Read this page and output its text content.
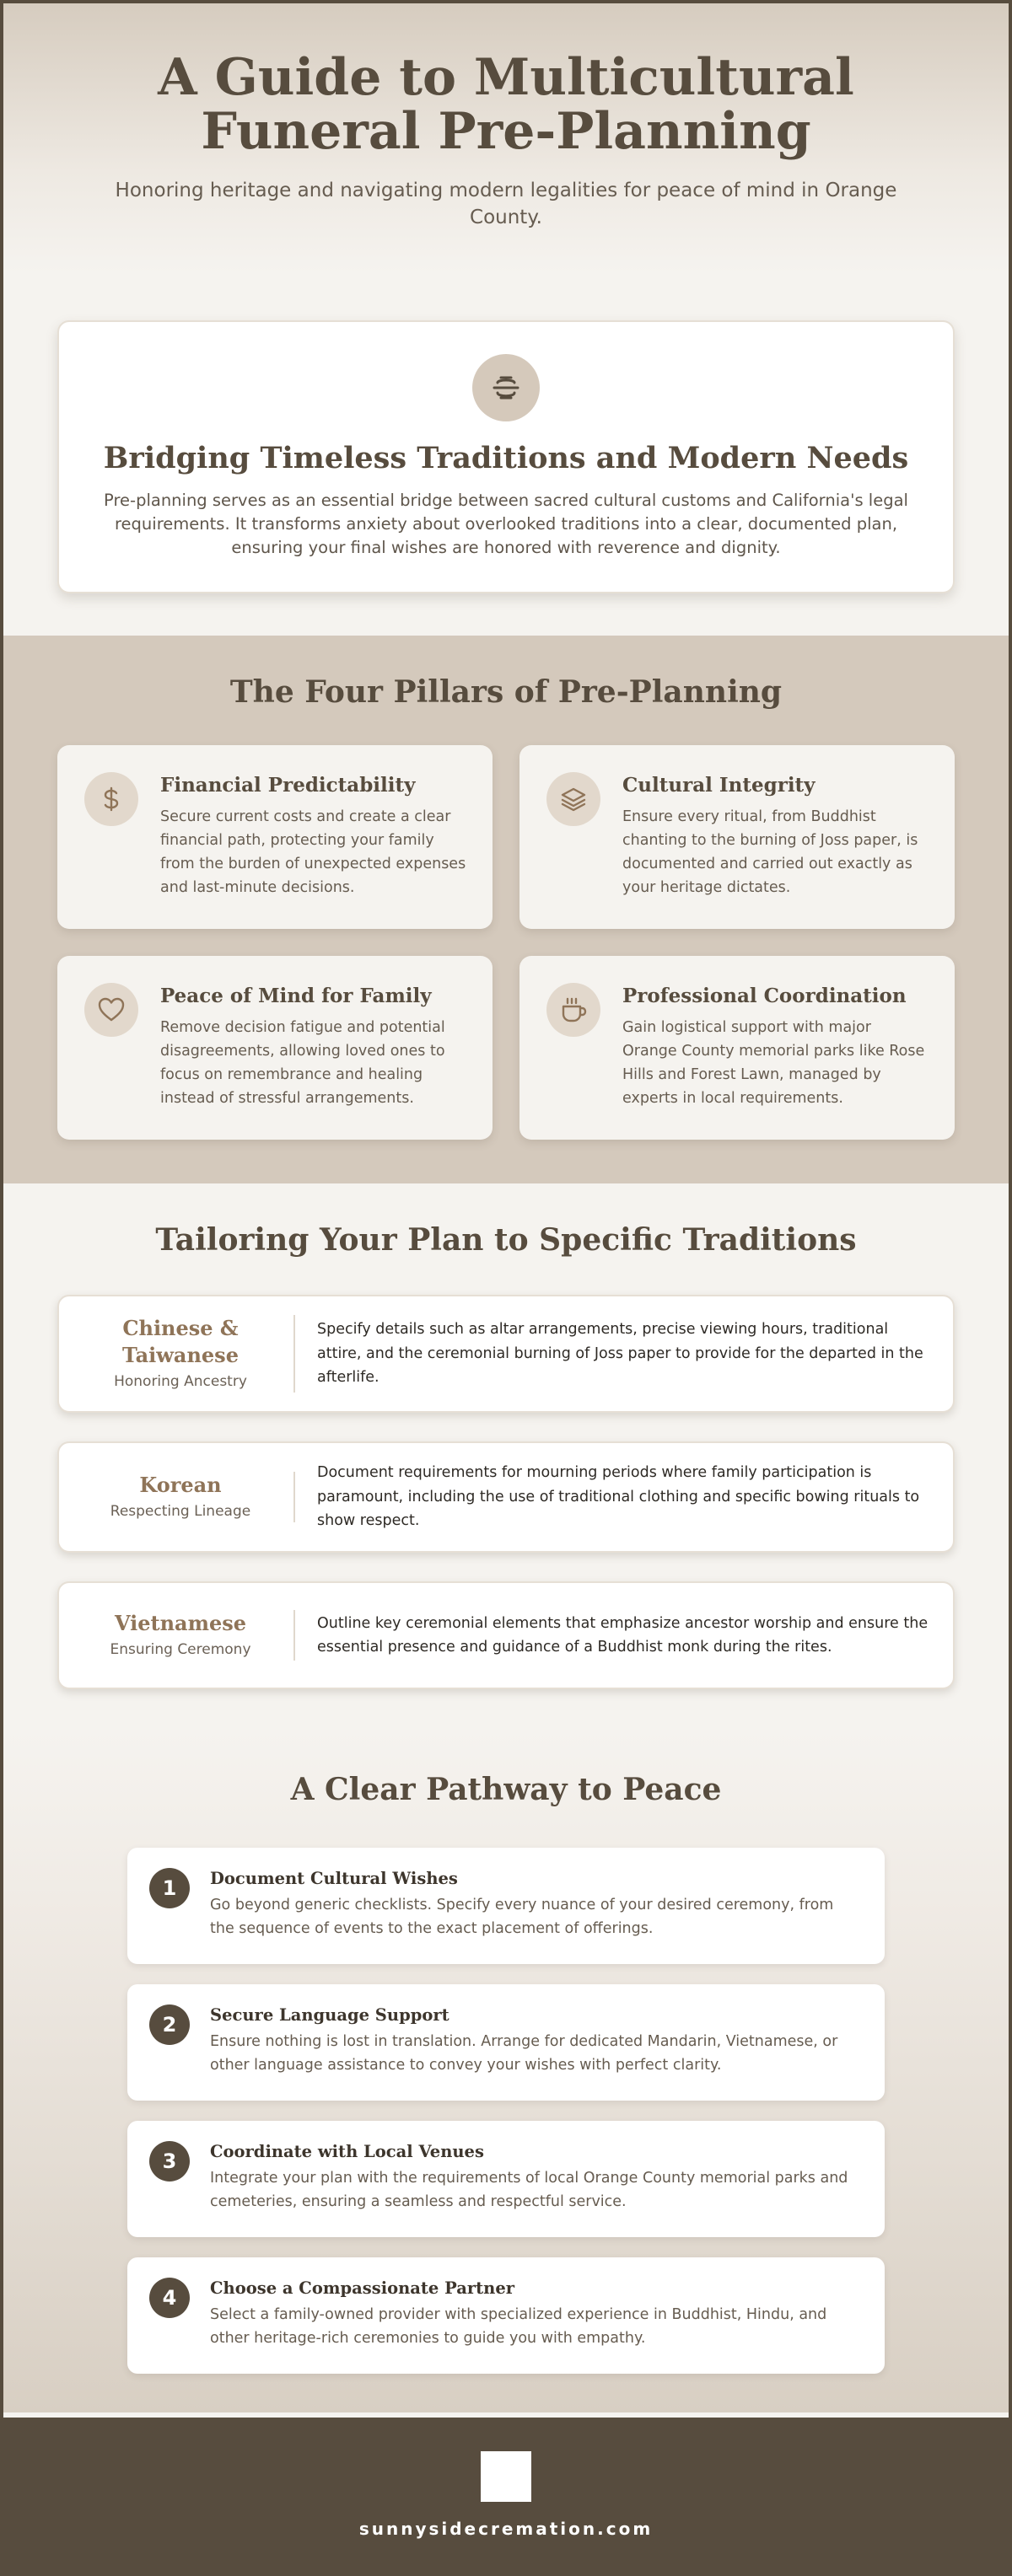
A Guide to Multicultural Funeral Pre-Planning

Honoring heritage and navigating modern legalities for peace of mind in Orange County.

Bridging Timeless Traditions and Modern Needs

Pre-planning serves as an essential bridge between sacred cultural customs and California's legal requirements. It transforms anxiety about overlooked traditions into a clear, documented plan, ensuring your final wishes are honored with reverence and dignity.

The Four Pillars of Pre-Planning
Financial Predictability

Secure current costs and create a clear financial path, protecting your family from the burden of unexpected expenses and last-minute decisions.

Cultural Integrity

Ensure every ritual, from Buddhist chanting to the burning of Joss paper, is documented and carried out exactly as your heritage dictates.

Peace of Mind for Family

Remove decision fatigue and potential disagreements, allowing loved ones to focus on remembrance and healing instead of stressful arrangements.

Professional Coordination

Gain logistical support with major Orange County memorial parks like Rose Hills and Forest Lawn, managed by experts in local requirements.

Tailoring Your Plan to Specific Traditions
Chinese & Taiwanese
Honoring Ancestry
Specify details such as altar arrangements, precise viewing hours, traditional attire, and the ceremonial burning of Joss paper to provide for the departed in the afterlife.
Korean
Respecting Lineage
Document requirements for mourning periods where family participation is paramount, including the use of traditional clothing and specific bowing rituals to show respect.
Vietnamese
Ensuring Ceremony
Outline key ceremonial elements that emphasize ancestor worship and ensure the essential presence and guidance of a Buddhist monk during the rites.
A Clear Pathway to Peace
1	Document Cultural Wishes

Go beyond generic checklists. Specify every nuance of your desired ceremony, from the sequence of events to the exact placement of offerings.

2	Secure Language Support

Ensure nothing is lost in translation. Arrange for dedicated Mandarin, Vietnamese, or other language assistance to convey your wishes with perfect clarity.

3	Coordinate with Local Venues

Integrate your plan with the requirements of local Orange County memorial parks and cemeteries, ensuring a seamless and respectful service.

4	Choose a Compassionate Partner

Select a family-owned provider with specialized experience in Buddhist, Hindu, and other heritage-rich ceremonies to guide you with empathy.

sunnysidecremation.com
